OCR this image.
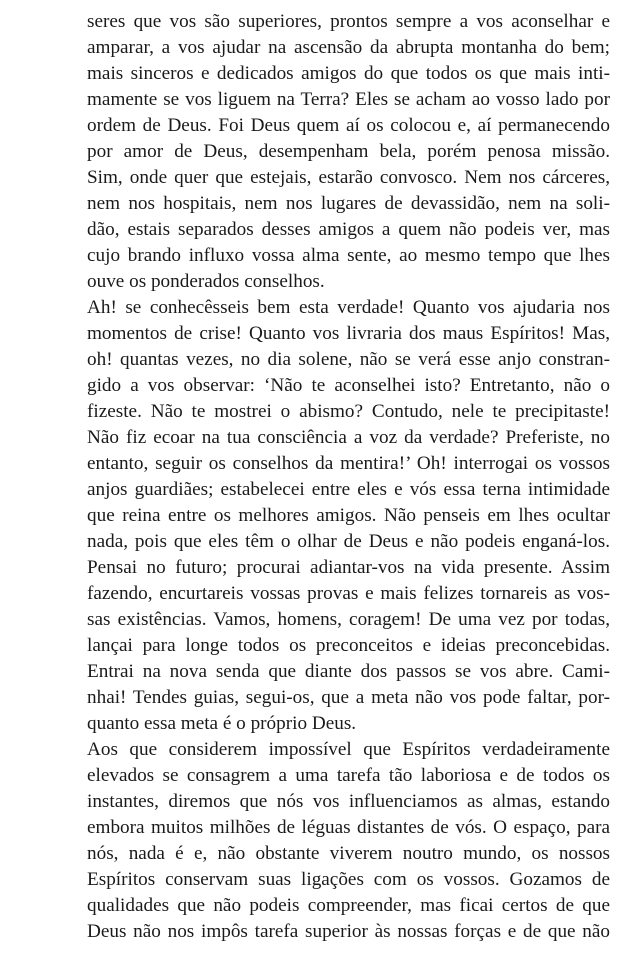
seres que vos são superiores, prontos sempre a vos aconselhar e
amparar, a vos ajudar na ascensão da abrupta montanha do bem;
mais sinceros e dedicados amigos do que todos os que mais inti-
mamente se vos liguem na Terra? Eles se acham ao vosso lado por
ordem de Deus. Foi Deus quem aí os colocou e, aí permanecendo
por amor de Deus, desempenham bela, porém penosa missão.
Sim, onde quer que estejais, estarão convosco. Nem nos cárceres,
nem nos hospitais, nem nos lugares de devassidão, nem na soli-
dão, estais separados desses amigos a quem não podeis ver, mas
cujo brando influxo vossa alma sente, ao mesmo tempo que lhes
ouve os ponderados conselhos.
Ah! se conhecêsseis bem esta verdade! Quanto vos ajudaria nos
momentos de crise! Quanto vos livraria dos maus Espíritos! Mas,
oh! quantas vezes, no dia solene, não se verá esse anjo constran-
gido a vos observar: ‘Não te aconselhei isto? Entretanto, não o
fizeste. Não te mostrei o abismo? Contudo, nele te precipitaste!
Não fiz ecoar na tua consciência a voz da verdade? Preferiste, no
entanto, seguir os conselhos da mentira!’ Oh! interrogai os vossos
anjos guardiães; estabelecei entre eles e vós essa terna intimidade
que reina entre os melhores amigos. Não penseis em lhes ocultar
nada, pois que eles têm o olhar de Deus e não podeis enganá-los.
Pensai no futuro; procurai adiantar-vos na vida presente. Assim
fazendo, encurtareis vossas provas e mais felizes tornareis as vos-
sas existências. Vamos, homens, coragem! De uma vez por todas,
lançai para longe todos os preconceitos e ideias preconcebidas.
Entrai na nova senda que diante dos passos se vos abre. Cami-
nhai! Tendes guias, segui-os, que a meta não vos pode faltar, por-
quanto essa meta é o próprio Deus.
Aos que considerem impossível que Espíritos verdadeiramente
elevados se consagrem a uma tarefa tão laboriosa e de todos os
instantes, diremos que nós vos influenciamos as almas, estando
embora muitos milhões de léguas distantes de vós. O espaço, para
nós, nada é e, não obstante viverem noutro mundo, os nossos
Espíritos conservam suas ligações com os vossos. Gozamos de
qualidades que não podeis compreender, mas ficai certos de que
Deus não nos impôs tarefa superior às nossas forças e de que não
